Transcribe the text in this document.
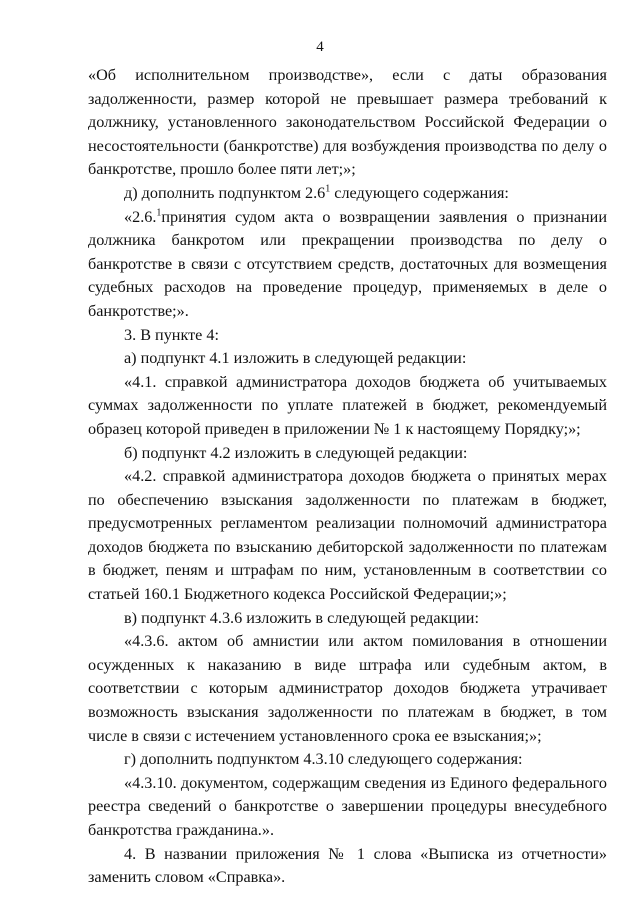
4

«Об исполнительном производстве», если с даты образования задолженности, размер которой не превышает размера требований к должнику, установленного законодательством Российской Федерации о несостоятельности (банкротстве) для возбуждения производства по делу о банкротстве, прошло более пяти лет;»;

д) дополнить подпунктом $2.6^1$ следующего содержания:

«2.6.$^1$принятия судом акта о возвращении заявления о признании должника банкротом или прекращении производства по делу о банкротстве в связи с отсутствием средств, достаточных для возмещения судебных расходов на проведение процедур, применяемых в деле о банкротстве;».

3. В пункте 4:

а) подпункт 4.1 изложить в следующей редакции:

«4.1. справкой администратора доходов бюджета об учитываемых суммах задолженности по уплате платежей в бюджет, рекомендуемый образец которой приведен в приложении № 1 к настоящему Порядку;»;

б) подпункт 4.2 изложить в следующей редакции:

«4.2. справкой администратора доходов бюджета о принятых мерах по обеспечению взыскания задолженности по платежам в бюджет, предусмотренных регламентом реализации полномочий администратора доходов бюджета по взысканию дебиторской задолженности по платежам в бюджет, пеням и штрафам по ним, установленным в соответствии со статьей 160.1 Бюджетного кодекса Российской Федерации;»;

в) подпункт 4.3.6 изложить в следующей редакции:

«4.3.6. актом об амнистии или актом помилования в отношении осужденных к наказанию в виде штрафа или судебным актом, в соответствии с которым администратор доходов бюджета утрачивает возможность взыскания задолженности по платежам в бюджет, в том числе в связи с истечением установленного срока ее взыскания;»;

г) дополнить подпунктом 4.3.10 следующего содержания:

«4.3.10. документом, содержащим сведения из Единого федерального реестра сведений о банкротстве о завершении процедуры внесудебного банкротства гражданина.».

4. В названии приложения № 1 слова «Выписка из отчетности» заменить словом «Справка».
